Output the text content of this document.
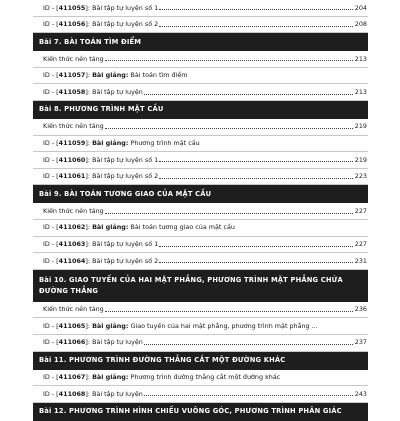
ID - [411055]: Bài tập tự luyện số 1	204
ID - [411056]: Bài tập tự luyện số 2	208
Bài 7. BÀI TOÁN TÌM ĐIỂM
Kiến thức nền tảng	213
ID - [411057]: Bài giảng: Bài toán tìm điểm
ID - [411058]: Bài tập tự luyện	213
Bài 8. PHƯƠNG TRÌNH MẶT CẦU
Kiến thức nền tảng	219
ID - [411059]: Bài giảng: Phương trình mặt cầu
ID - [411060]: Bài tập tự luyện số 1	219
ID - [411061]: Bài tập tự luyện số 2	223
Bài 9. BÀI TOÁN TƯƠNG GIAO CỦA MẶT CẦU
Kiến thức nền tảng	227
ID - [411062]: Bài giảng: Bài toán tương giao của mặt cầu
ID - [411063]: Bài tập tự luyện số 1	227
ID - [411064]: Bài tập tự luyện số 2	231
Bài 10. GIAO TUYẾN CỦA HAI MẶT PHẲNG, PHƯƠNG TRÌNH MẶT PHẲNG CHỨA ĐƯỜNG THẲNG
Kiến thức nền tảng	236
ID - [411065]: Bài giảng: Giao tuyến của hai mặt phẳng, phương trình mặt phẳng ...
ID - [411066]: Bài tập tự luyện	237
Bài 11. PHƯƠNG TRÌNH ĐƯỜNG THẲNG CẮT MỘT ĐƯỜNG KHÁC
ID - [411067]: Bài giảng: Phương trình đường thẳng cắt một đường khác
ID - [411068]: Bài tập tự luyện	243
Bài 12. PHƯƠNG TRÌNH HÌNH CHIẾU VUÔNG GÓC, PHƯƠNG TRÌNH PHÂN GIÁC
